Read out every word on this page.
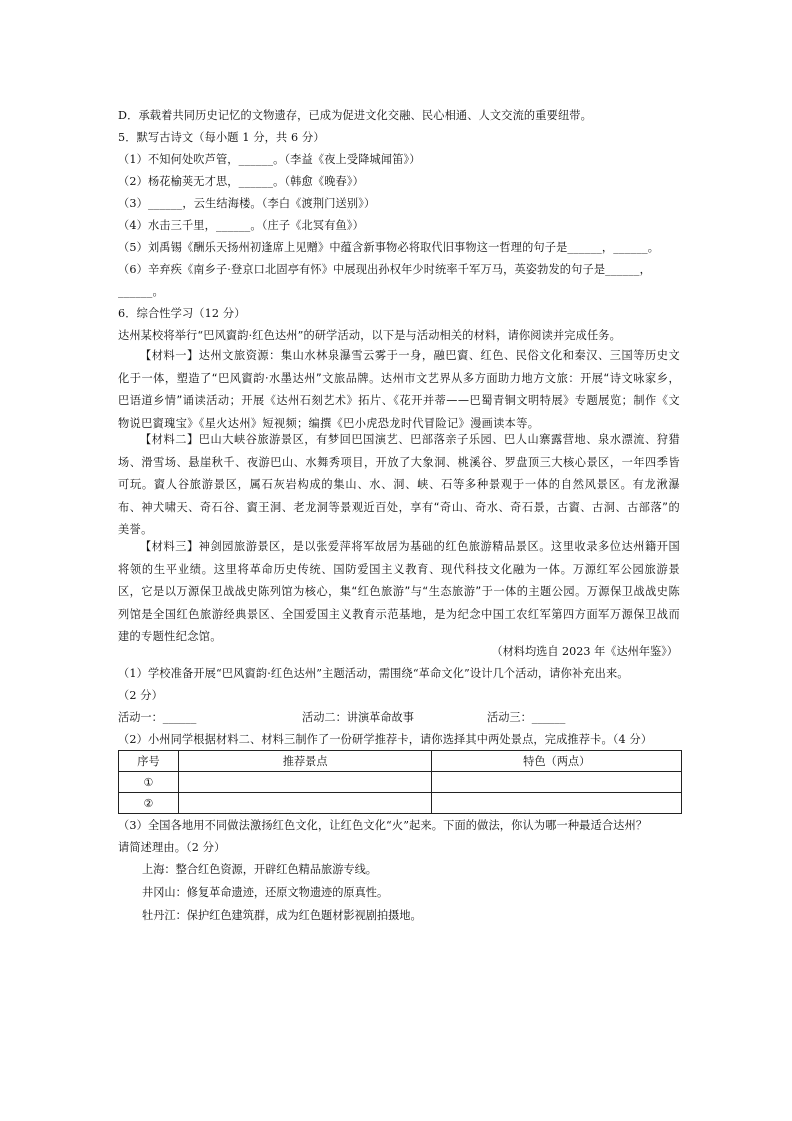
D．承载着共同历史记忆的文物遗存，已成为促进文化交融、民心相通、人文交流的重要纽带。
5．默写古诗文（每小题 1 分，共 6 分）
（1）不知何处吹芦管，______。（李益《夜上受降城闻笛》）
（2）杨花榆荚无才思，______。（韩愈《晚春》）
（3）______，云生结海楼。（李白《渡荆门送别》）
（4）水击三千里，______。（庄子《北冥有鱼》）
（5）刘禹锡《酬乐天扬州初逢席上见赠》中蕴含新事物必将取代旧事物这一哲理的句子是______，______。
（6）辛弃疾《南乡子·登京口北固亭有怀》中展现出孙权年少时统率千军万马，英姿勃发的句子是______，
______。
6．综合性学习（12 分）
达州某校将举行“巴风賨韵·红色达州”的研学活动，以下是与活动相关的材料，请你阅读并完成任务。
【材料一】达州文旅资源：集山水林泉瀑雪云雾于一身，融巴賨、红色、民俗文化和秦汉、三国等历史文化于一体，塑造了“巴风賨韵·水墨达州”文旅品牌。达州市文艺界从多方面助力地方文旅：开展“诗文咏家乡，巴语道乡情”诵读活动；开展《达州石刻艺术》拓片、《花开并蒂——巴蜀青铜文明特展》专题展览；制作《文物说巴賨瑰宝》《星火达州》短视频；编撰《巴小虎恐龙时代冒险记》漫画读本等。
【材料二】巴山大峡谷旅游景区，有梦回巴国演艺、巴部落亲子乐园、巴人山寨露营地、泉水漂流、狩猎场、滑雪场、悬崖秋千、夜游巴山、水舞秀项目，开放了大象洞、桃溪谷、罗盘顶三大核心景区，一年四季皆可玩。賨人谷旅游景区，属石灰岩构成的集山、水、洞、峡、石等多种景观于一体的自然风景区。有龙湫瀑布、神犬啸天、奇石谷、賨王洞、老龙洞等景观近百处，享有“奇山、奇水、奇石景，古賨、古洞、古部落”的美誉。
【材料三】神剑园旅游景区，是以张爱萍将军故居为基础的红色旅游精品景区。这里收录多位达州籍开国将领的生平业绩。这里将革命历史传统、国防爱国主义教育、现代科技文化融为一体。万源红军公园旅游景区，它是以万源保卫战战史陈列馆为核心，集“红色旅游”与“生态旅游”于一体的主题公园。万源保卫战战史陈列馆是全国红色旅游经典景区、全国爱国主义教育示范基地，是为纪念中国工农红军第四方面军万源保卫战而建的专题性纪念馆。
（材料均选自 2023 年《达州年鉴》）
（1）学校准备开展“巴风賨韵·红色达州”主题活动，需围绕“革命文化”设计几个活动，请你补充出来。
（2 分）
活动一：______	活动二：讲演革命故事	活动三：______
（2）小州同学根据材料二、材料三制作了一份研学推荐卡，请你选择其中两处景点，完成推荐卡。（4 分）
序号	推荐景点	特色（两点）
①		
②		
（3）全国各地用不同做法激扬红色文化，让红色文化“火”起来。下面的做法，你认为哪一种最适合达州？
请简述理由。（2 分）
上海：整合红色资源，开辟红色精品旅游专线。
井冈山：修复革命遗迹，还原文物遗迹的原真性。
牡丹江：保护红色建筑群，成为红色题材影视剧拍摄地。
